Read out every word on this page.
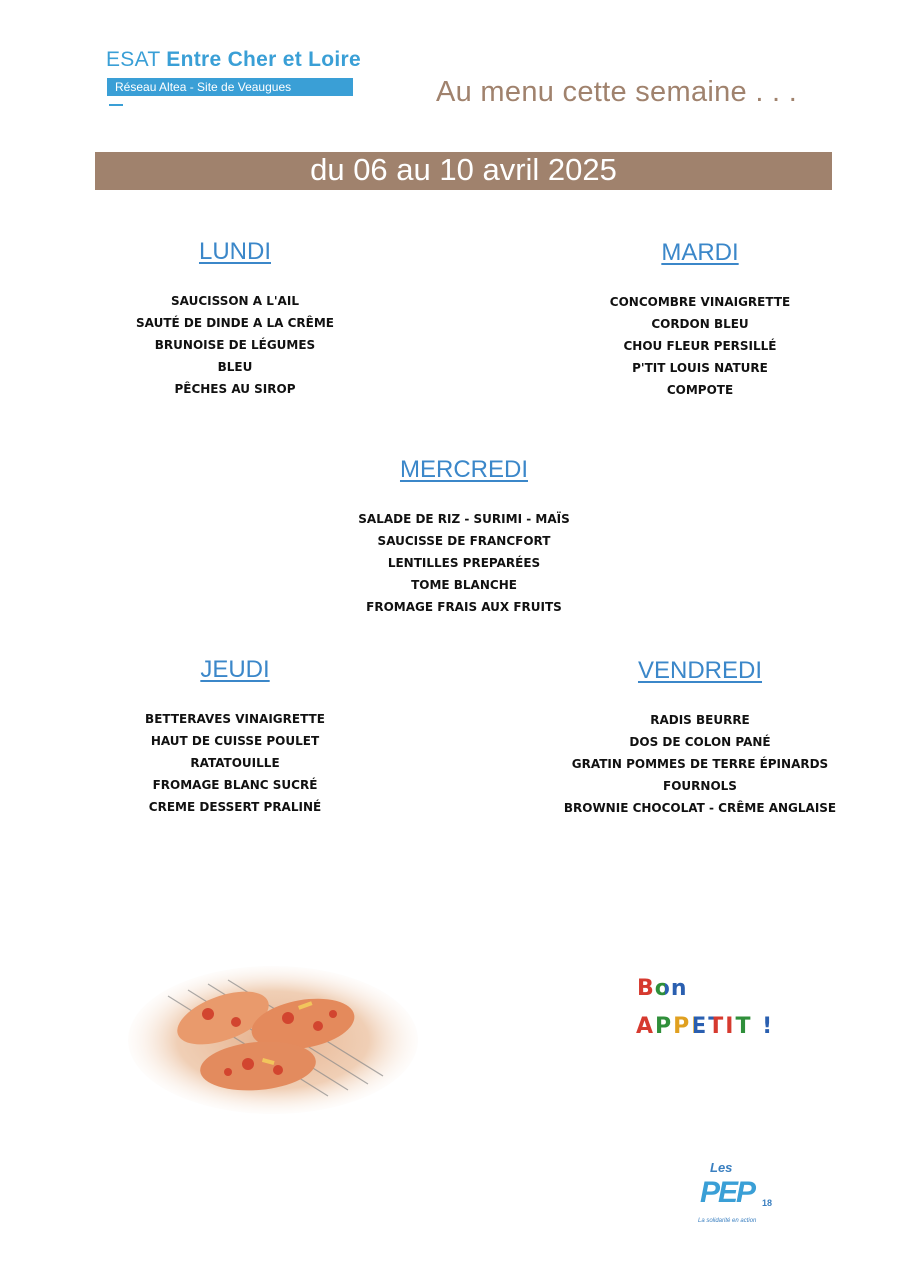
ESAT Entre Cher et Loire
Réseau Altea - Site de Veaugues	Au menu cette semaine . . .
du 06 au 10 avril 2025
LUNDI
SAUCISSON A L'AIL
SAUTÉ DE DINDE A LA CRÊME
BRUNOISE DE LÉGUMES
BLEU
PÊCHES AU SIROP
MARDI
CONCOMBRE VINAIGRETTE
CORDON BLEU
CHOU FLEUR PERSILLÉ
P'TIT LOUIS NATURE
COMPOTE
MERCREDI
SALADE DE RIZ - SURIMI - MAÏS
SAUCISSE DE FRANCFORT
LENTILLES PREPARÉES
TOME BLANCHE
FROMAGE FRAIS AUX FRUITS
JEUDI
BETTERAVES VINAIGRETTE
HAUT DE CUISSE POULET
RATATOUILLE
FROMAGE BLANC SUCRÉ
CREME DESSERT PRALINÉ
VENDREDI
RADIS BEURRE
DOS DE COLON PANÉ
GRATIN POMMES DE TERRE ÉPINARDS
FOURNOLS
BROWNIE CHOCOLAT - CRÊME ANGLAISE
Bon
APPETIT !
Les
PEP 18
La solidarité en action
